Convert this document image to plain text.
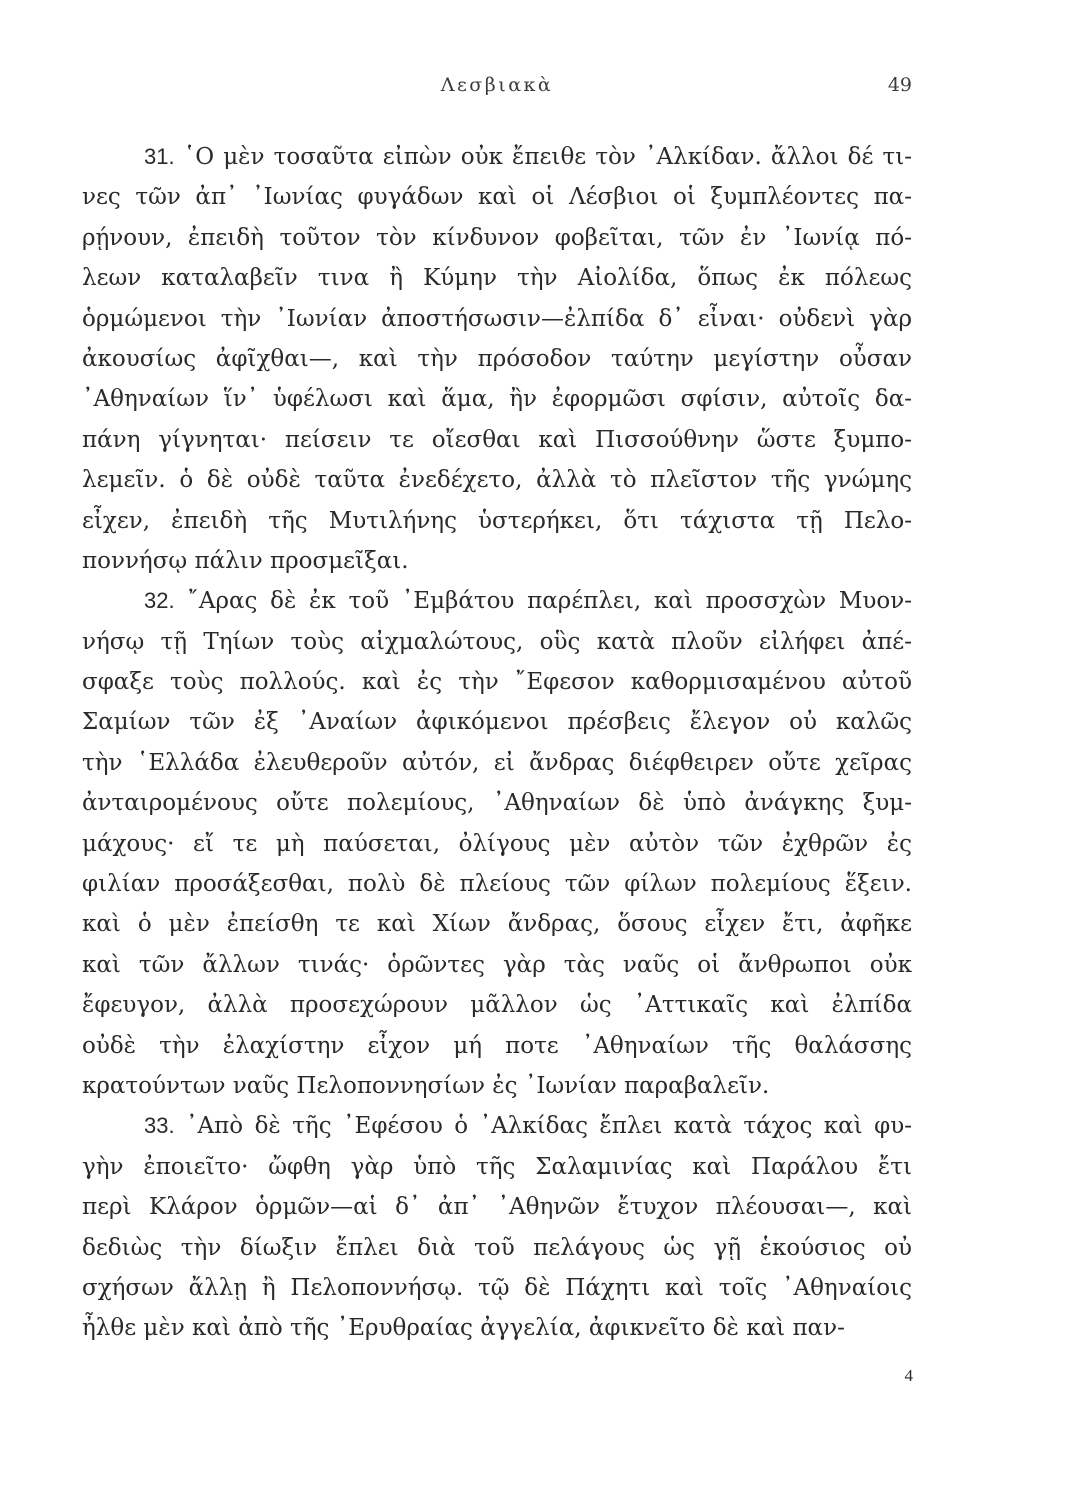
Λεσβιακὰ	49
31. ῾Ο μὲν τοσαῦτα εἰπὼν οὐκ ἔπειθε τὸν ᾿Αλκίδαν. ἄλλοι δέ τι-
νες τῶν ἀπ᾿ ᾿Ιωνίας φυγάδων καὶ οἱ Λέσβιοι οἱ ξυμπλέοντες πα-
ρῄνουν, ἐπειδὴ τοῦτον τὸν κίνδυνον φοβεῖται, τῶν ἐν ᾿Ιωνίᾳ πό-
λεων καταλαβεῖν τινα ἢ Κύμην τὴν Αἰολίδα, ὅπως ἐκ πόλεως
ὁρμώμενοι τὴν ᾿Ιωνίαν ἀποστήσωσιν—ἐλπίδα δ᾿ εἶναι· οὐδενὶ γὰρ
ἀκουσίως ἀφῖχθαι—, καὶ τὴν πρόσοδον ταύτην μεγίστην οὖσαν
᾿Αθηναίων ἵν᾿ ὑφέλωσι καὶ ἅμα, ἢν ἐφορμῶσι σφίσιν, αὐτοῖς δα-
πάνη γίγνηται· πείσειν τε οἴεσθαι καὶ Πισσούθνην ὥστε ξυμπο-
λεμεῖν. ὁ δὲ οὐδὲ ταῦτα ἐνεδέχετο, ἀλλὰ τὸ πλεῖστον τῆς γνώμης
εἶχεν, ἐπειδὴ τῆς Μυτιλήνης ὑστερήκει, ὅτι τάχιστα τῇ Πελο-
ποννήσῳ πάλιν προσμεῖξαι.
32. ῎Αρας δὲ ἐκ τοῦ ᾿Εμβάτου παρέπλει, καὶ προσσχὼν Μυον-
νήσῳ τῇ Τηίων τοὺς αἰχμαλώτους, οὓς κατὰ πλοῦν εἰλήφει ἀπέ-
σφαξε τοὺς πολλούς. καὶ ἐς τὴν ῎Εφεσον καθορμισαμένου αὐτοῦ
Σαμίων τῶν ἐξ ᾿Αναίων ἀφικόμενοι πρέσβεις ἔλεγον οὐ καλῶς
τὴν ῾Ελλάδα ἐλευθεροῦν αὐτόν, εἰ ἄνδρας διέφθειρεν οὔτε χεῖρας
ἀνταιρομένους οὔτε πολεμίους, ᾿Αθηναίων δὲ ὑπὸ ἀνάγκης ξυμ-
μάχους· εἴ τε μὴ παύσεται, ὀλίγους μὲν αὐτὸν τῶν ἐχθρῶν ἐς
φιλίαν προσάξεσθαι, πολὺ δὲ πλείους τῶν φίλων πολεμίους ἕξειν.
καὶ ὁ μὲν ἐπείσθη τε καὶ Χίων ἄνδρας, ὅσους εἶχεν ἔτι, ἀφῆκε
καὶ τῶν ἄλλων τινάς· ὁρῶντες γὰρ τὰς ναῦς οἱ ἄνθρωποι οὐκ
ἔφευγον, ἀλλὰ προσεχώρουν μᾶλλον ὡς ᾿Αττικαῖς καὶ ἐλπίδα
οὐδὲ τὴν ἐλαχίστην εἶχον μή ποτε ᾿Αθηναίων τῆς θαλάσσης
κρατούντων ναῦς Πελοποννησίων ἐς ᾿Ιωνίαν παραβαλεῖν.
33. ᾿Απὸ δὲ τῆς ᾿Εφέσου ὁ ᾿Αλκίδας ἔπλει κατὰ τάχος καὶ φυ-
γὴν ἐποιεῖτο· ὤφθη γὰρ ὑπὸ τῆς Σαλαμινίας καὶ Παράλου ἔτι
περὶ Κλάρον ὁρμῶν—αἱ δ᾿ ἀπ᾿ ᾿Αθηνῶν ἔτυχον πλέουσαι—, καὶ
δεδιὼς τὴν δίωξιν ἔπλει διὰ τοῦ πελάγους ὡς γῇ ἑκούσιος οὐ
σχήσων ἄλλῃ ἢ Πελοποννήσῳ. τῷ δὲ Πάχητι καὶ τοῖς ᾿Αθηναίοις
ἦλθε μὲν καὶ ἀπὸ τῆς ᾿Ερυθραίας ἀγγελία, ἀφικνεῖτο δὲ καὶ παν-
4
